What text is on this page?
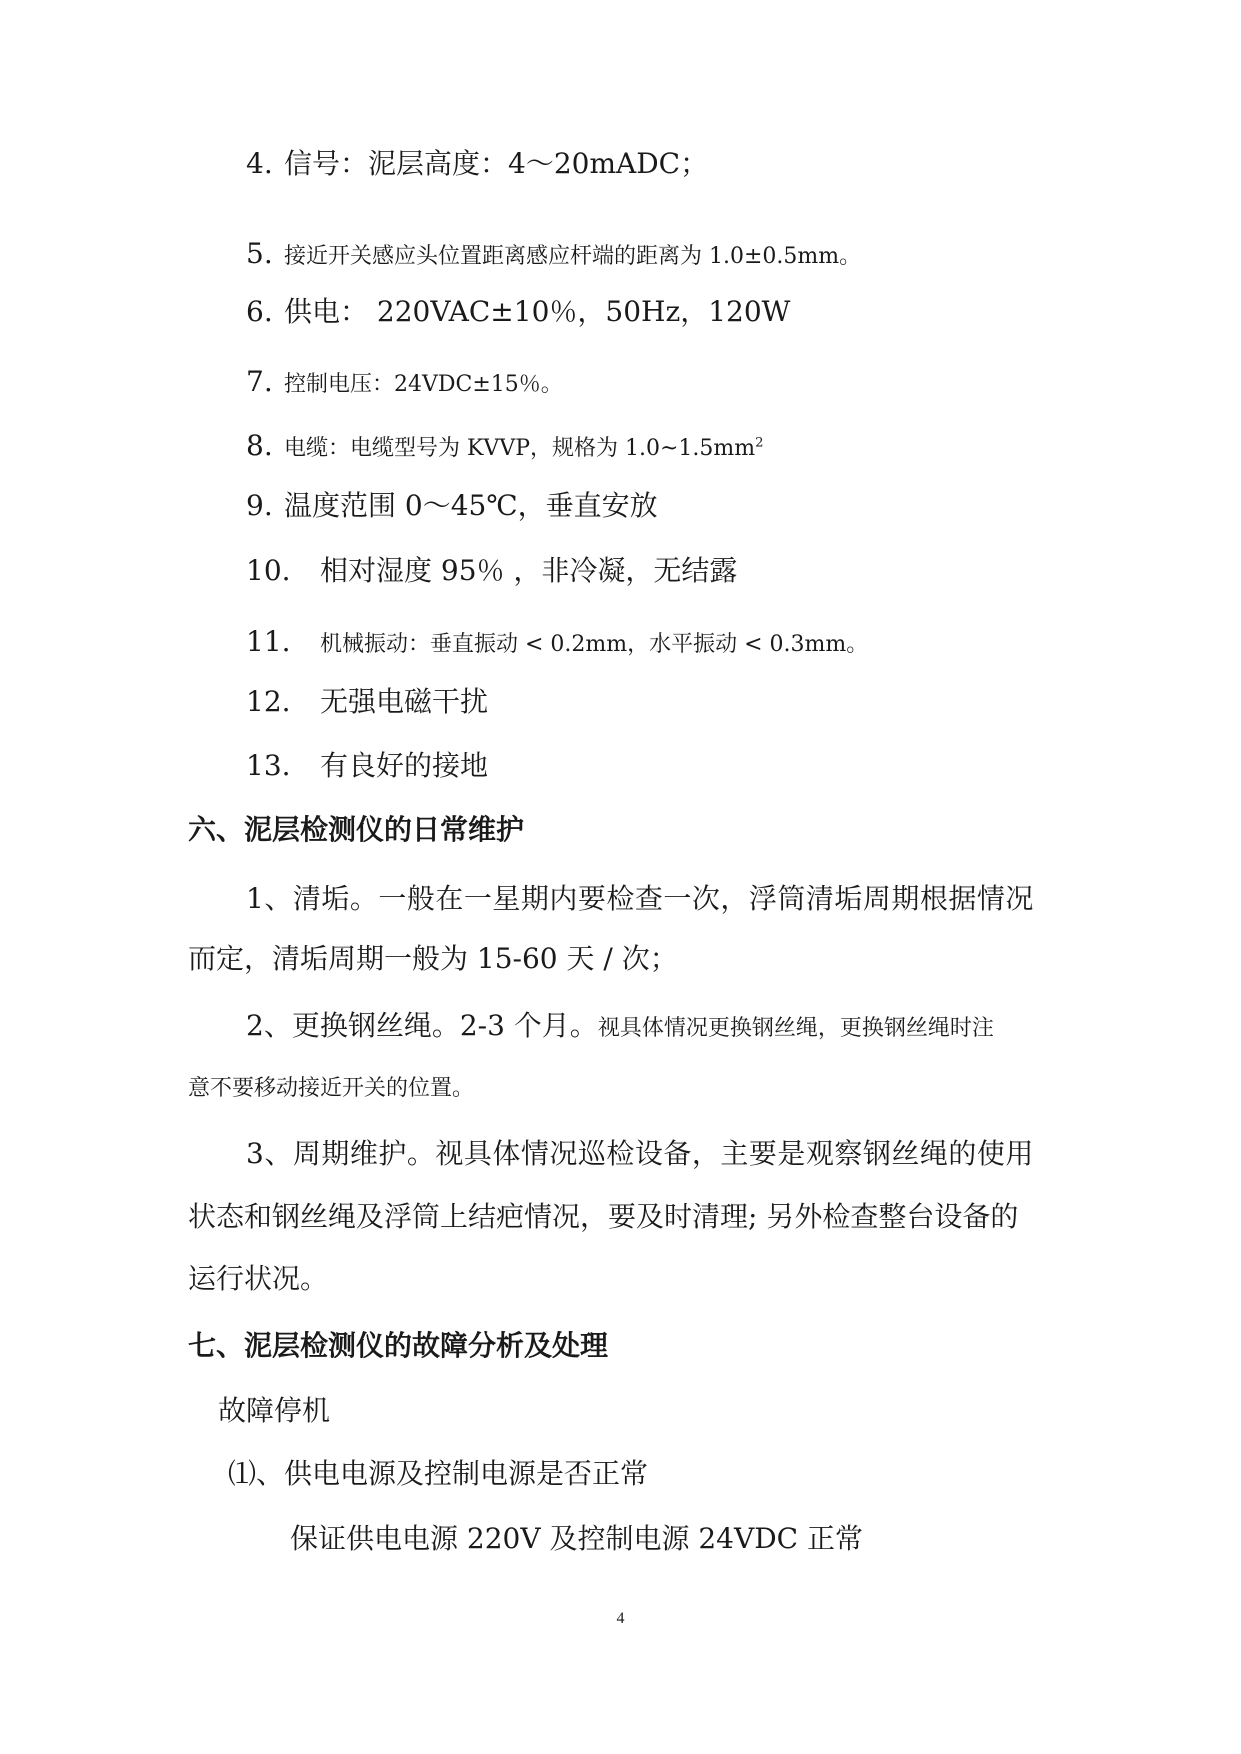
4. 信号：泥层高度：4～20mADC；
5. 接近开关感应头位置距离感应杆端的距离为 1.0±0.5mm。
6. 供电： 220VAC±10％，50Hz，120W
7. 控制电压：24VDC±15％。
8. 电缆：电缆型号为 KVVP，规格为 $1.0\sim 1.5mm^2$
9. 温度范围 0～45℃，垂直安放
10. 相对湿度 95％ ，非冷凝，无结露
11. 机械振动：垂直振动 < 0.2mm，水平振动 < 0.3mm。
12. 无强电磁干扰
13. 有良好的接地
六、泥层检测仪的日常维护
1、清垢。一般在一星期内要检查一次，浮筒清垢周期根据情况
而定，清垢周期一般为 15-60 天 / 次；
2、更换钢丝绳。2-3 个月。视具体情况更换钢丝绳，更换钢丝绳时注
意不要移动接近开关的位置。
3、周期维护。视具体情况巡检设备，主要是观察钢丝绳的使用
状态和钢丝绳及浮筒上结疤情况，要及时清理; 另外检查整台设备的
运行状况。
七、泥层检测仪的故障分析及处理
故障停机
⑴、供电电源及控制电源是否正常
保证供电电源 220V 及控制电源 24VDC 正常
4
